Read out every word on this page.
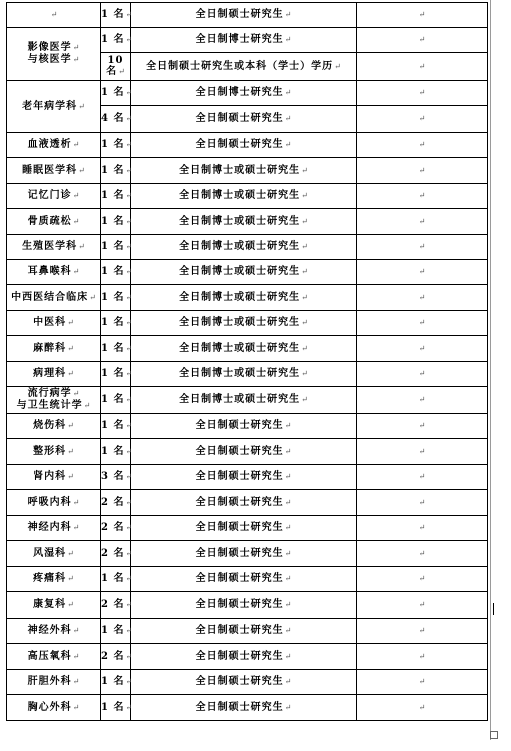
↵	1 名↵	全日制硕士研究生↵	↵
影像医学↵
与核医学↵	1 名↵	全日制博士研究生↵	↵
	10
名↵	全日制硕士研究生或本科（学士）学历↵	↵
老年病学科↵	1 名↵	全日制博士研究生↵	↵
	4 名↵	全日制硕士研究生↵	↵
血液透析↵	1 名↵	全日制硕士研究生↵	↵
睡眠医学科↵	1 名↵	全日制博士或硕士研究生↵	↵
记忆门诊↵	1 名↵	全日制博士或硕士研究生↵	↵
骨质疏松↵	1 名↵	全日制博士或硕士研究生↵	↵
生殖医学科↵	1 名↵	全日制博士或硕士研究生↵	↵
耳鼻喉科↵	1 名↵	全日制博士或硕士研究生↵	↵
中西医结合临床↵	1 名↵	全日制博士或硕士研究生↵	↵
中医科↵	1 名↵	全日制博士或硕士研究生↵	↵
麻醉科↵	1 名↵	全日制博士或硕士研究生↵	↵
病理科↵	1 名↵	全日制博士或硕士研究生↵	↵
流行病学↵
与卫生统计学↵	1 名↵	全日制博士或硕士研究生↵	↵
烧伤科↵	1 名↵	全日制硕士研究生↵	↵
整形科↵	1 名↵	全日制硕士研究生↵	↵
肾内科↵	3 名↵	全日制硕士研究生↵	↵
呼吸内科↵	2 名↵	全日制硕士研究生↵	↵
神经内科↵	2 名↵	全日制硕士研究生↵	↵
风湿科↵	2 名↵	全日制硕士研究生↵	↵
疼痛科↵	1 名↵	全日制硕士研究生↵	↵
康复科↵	2 名↵	全日制硕士研究生↵	↵
神经外科↵	1 名↵	全日制硕士研究生↵	↵
高压氧科↵	2 名↵	全日制硕士研究生↵	↵
肝胆外科↵	1 名↵	全日制硕士研究生↵	↵
胸心外科↵	1 名↵	全日制硕士研究生↵	↵
